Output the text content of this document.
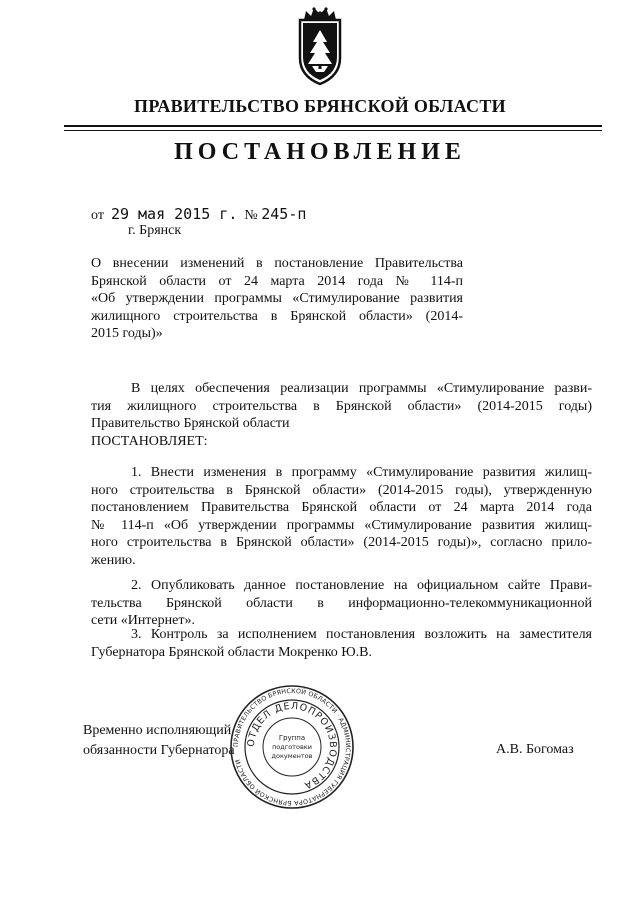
ПРАВИТЕЛЬСТВО БРЯНСКОЙ ОБЛАСТИ
ПОСТАНОВЛЕНИЕ
от 29 мая 2015 г. № 245-п
г. Брянск
О внесении изменений в постановление Правительства
Брянской области от 24 марта 2014 года № 114-п
«Об утверждении программы «Стимулирование развития
жилищного строительства в Брянской области» (2014-
2015 годы)»
В целях обеспечения реализации программы «Стимулирование разви-
тия жилищного строительства в Брянской области» (2014-2015 годы)
Правительство Брянской области
ПОСТАНОВЛЯЕТ:
1. Внести изменения в программу «Стимулирование развития жилищ-
ного строительства в Брянской области» (2014-2015 годы), утвержденную
постановлением Правительства Брянской области от 24 марта 2014 года
№ 114-п «Об утверждении программы «Стимулирование развития жилищ-
ного строительства в Брянской области» (2014-2015 годы)», согласно прило-
жению.
2. Опубликовать данное постановление на официальном сайте Прави-
тельства Брянской области в информационно-телекоммуникационной
сети «Интернет».
3. Контроль за исполнением постановления возложить на заместителя
Губернатора Брянской области Мокренко Ю.В.
Временно исполняющий
обязанности Губернатора	А.В. Богомаз
ПРАВИТЕЛЬСТВО БРЯНСКОЙ ОБЛАСТИ · АДМИНИСТРАЦИЯ ГУБЕРНАТОРА БРЯНСКОЙ ОБЛАСТИ
ОТДЕЛ ДЕЛОПРОИЗВОДСТВА
Группа
подготовки
документов
